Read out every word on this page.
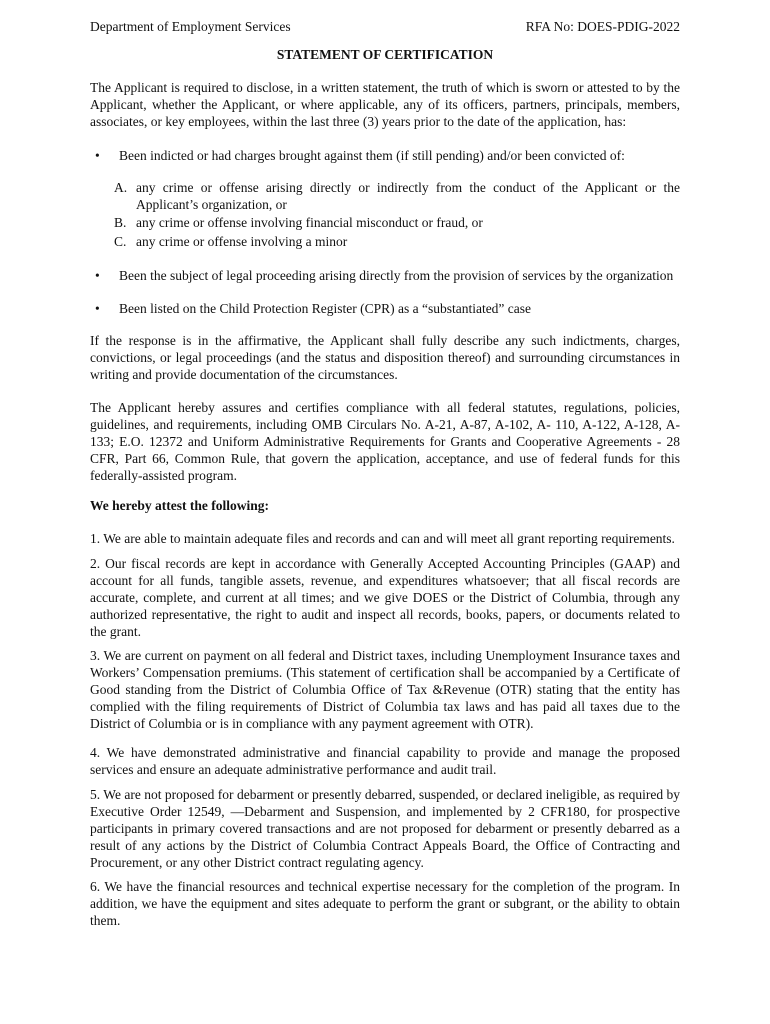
Department of Employment Services	RFA No: DOES-PDIG-2022
STATEMENT OF CERTIFICATION

The Applicant is required to disclose, in a written statement, the truth of which is sworn or attested to by the Applicant, whether the Applicant, or where applicable, any of its officers, partners, principals, members, associates, or key employees, within the last three (3) years prior to the date of the application, has:

• Been indicted or had charges brought against them (if still pending) and/or been convicted of:
A. any crime or offense arising directly or indirectly from the conduct of the Applicant or the Applicant’s organization, or
B. any crime or offense involving financial misconduct or fraud, or
C. any crime or offense involving a minor
• Been the subject of legal proceeding arising directly from the provision of services by the organization
• Been listed on the Child Protection Register (CPR) as a “substantiated” case

If the response is in the affirmative, the Applicant shall fully describe any such indictments, charges, convictions, or legal proceedings (and the status and disposition thereof) and surrounding circumstances in writing and provide documentation of the circumstances.

The Applicant hereby assures and certifies compliance with all federal statutes, regulations, policies, guidelines, and requirements, including OMB Circulars No. A-21, A-87, A-102, A- 110, A-122, A-128, A-133; E.O. 12372 and Uniform Administrative Requirements for Grants and Cooperative Agreements - 28 CFR, Part 66, Common Rule, that govern the application, acceptance, and use of federal funds for this federally-assisted program.

We hereby attest the following:

1. We are able to maintain adequate files and records and can and will meet all grant reporting requirements.

2. Our fiscal records are kept in accordance with Generally Accepted Accounting Principles (GAAP) and account for all funds, tangible assets, revenue, and expenditures whatsoever; that all fiscal records are accurate, complete, and current at all times; and we give DOES or the District of Columbia, through any authorized representative, the right to audit and inspect all records, books, papers, or documents related to the grant.

3. We are current on payment on all federal and District taxes, including Unemployment Insurance taxes and Workers’ Compensation premiums. (This statement of certification shall be accompanied by a Certificate of Good standing from the District of Columbia Office of Tax &Revenue (OTR) stating that the entity has complied with the filing requirements of District of Columbia tax laws and has paid all taxes due to the District of Columbia or is in compliance with any payment agreement with OTR).

4. We have demonstrated administrative and financial capability to provide and manage the proposed services and ensure an adequate administrative performance and audit trail.

5. We are not proposed for debarment or presently debarred, suspended, or declared ineligible, as required by Executive Order 12549, ―Debarment and Suspension, and implemented by 2 CFR180, for prospective participants in primary covered transactions and are not proposed for debarment or presently debarred as a result of any actions by the District of Columbia Contract Appeals Board, the Office of Contracting and Procurement, or any other District contract regulating agency.

6. We have the financial resources and technical expertise necessary for the completion of the program. In addition, we have the equipment and sites adequate to perform the grant or subgrant, or the ability to obtain them.
